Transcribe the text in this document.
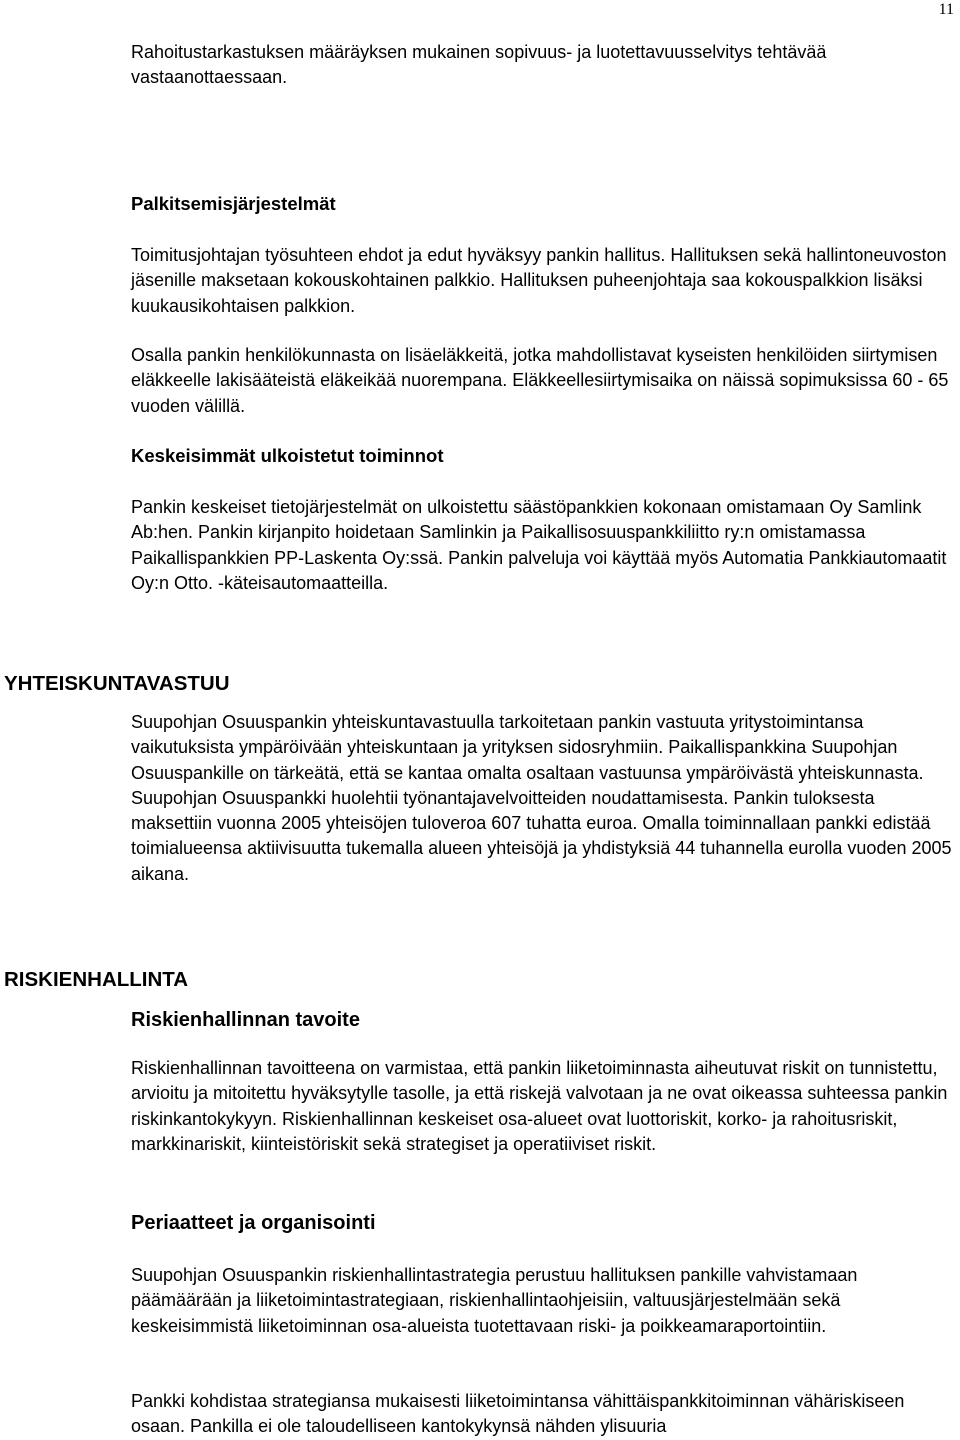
11

Rahoitustarkastuksen määräyksen mukainen sopivuus- ja luotettavuusselvitys tehtävää vastaanottaessaan.

Palkitsemisjärjestelmät

Toimitusjohtajan työsuhteen ehdot ja edut hyväksyy pankin hallitus. Hallituksen sekä hallintoneuvoston jäsenille maksetaan kokouskohtainen palkkio. Hallituksen puheenjohtaja saa kokouspalkkion lisäksi kuukausikohtaisen palkkion.

Osalla pankin henkilökunnasta on lisäeläkkeitä, jotka mahdollistavat kyseisten henkilöiden siirtymisen eläkkeelle lakisääteistä eläkeikää nuorempana. Eläkkeellesiirtymisaika on näissä sopimuksissa 60 - 65 vuoden välillä.

Keskeisimmät ulkoistetut toiminnot

Pankin keskeiset tietojärjestelmät on ulkoistettu säästöpankkien kokonaan omistamaan Oy Samlink Ab:hen. Pankin kirjanpito hoidetaan Samlinkin ja Paikallisosuuspankkiliitto ry:n omistamassa Paikallispankkien PP-Laskenta Oy:ssä. Pankin palveluja voi käyttää myös Automatia Pankkiautomaatit Oy:n Otto. -käteisautomaatteilla.

YHTEISKUNTAVASTUU

Suupohjan Osuuspankin yhteiskuntavastuulla tarkoitetaan pankin vastuuta yritystoimintansa vaikutuksista ympäröivään yhteiskuntaan ja yrityksen sidosryhmiin. Paikallispankkina Suupohjan Osuuspankille on tärkeätä, että se kantaa omalta osaltaan vastuunsa ympäröivästä yhteiskunnasta. Suupohjan Osuuspankki huolehtii työnantajavelvoitteiden noudattamisesta. Pankin tuloksesta maksettiin vuonna 2005 yhteisöjen tuloveroa 607 tuhatta euroa. Omalla toiminnallaan pankki edistää toimialueensa aktiivisuutta tukemalla alueen yhteisöjä ja yhdistyksiä 44 tuhannella eurolla vuoden 2005 aikana.

RISKIENHALLINTA
Riskienhallinnan tavoite

Riskienhallinnan tavoitteena on varmistaa, että pankin liiketoiminnasta aiheutuvat riskit on tunnistettu, arvioitu ja mitoitettu hyväksytylle tasolle, ja että riskejä valvotaan ja ne ovat oikeassa suhteessa pankin riskinkantokykyyn. Riskienhallinnan keskeiset osa-alueet ovat luottoriskit, korko- ja rahoitusriskit, markkinariskit, kiinteistöriskit sekä strategiset ja operatiiviset riskit.

Periaatteet ja organisointi

Suupohjan Osuuspankin riskienhallintastrategia perustuu hallituksen pankille vahvistamaan päämäärään ja liiketoimintastrategiaan, riskienhallintaohjeisiin, valtuusjärjestelmään sekä keskeisimmistä liiketoiminnan osa-alueista tuotettavaan riski- ja poikkeamaraportointiin.

Pankki kohdistaa strategiansa mukaisesti liiketoimintansa vähittäispankkitoiminnan vähäriskiseen osaan. Pankilla ei ole taloudelliseen kantokykynsä nähden ylisuuria
